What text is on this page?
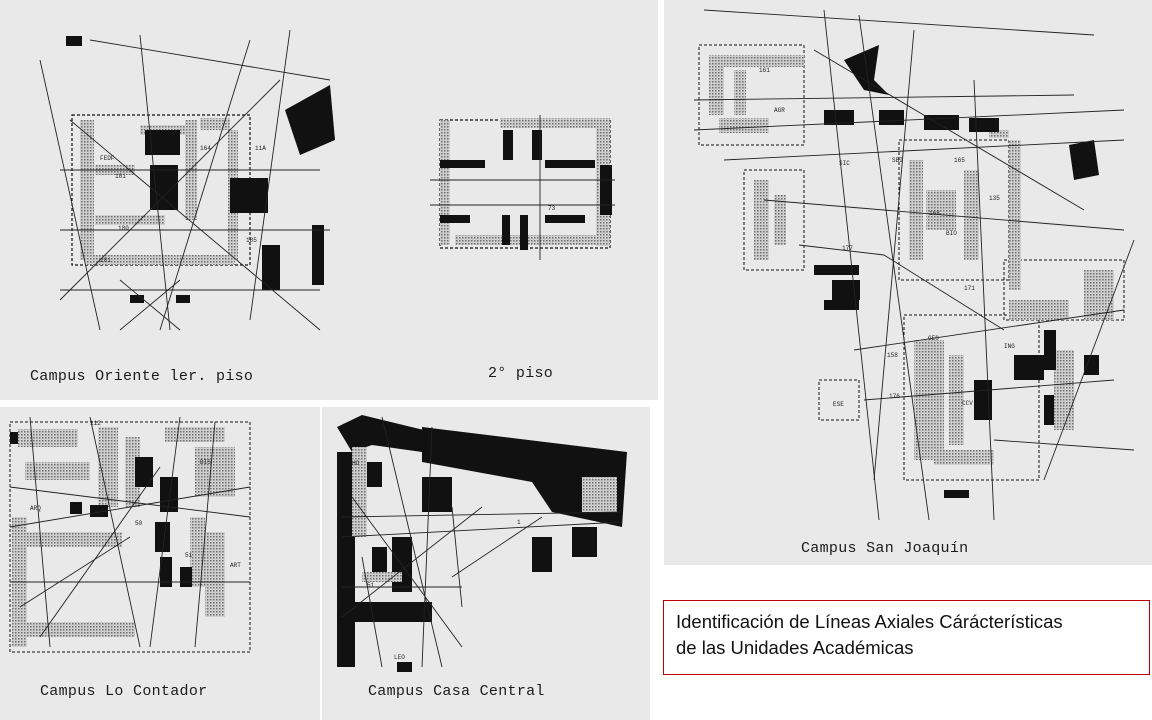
FEDF
181
164	11A
180
181
185
73
Campus Oriente ler. piso	2° piso
161
AGR
SIC	SBI	165
168
BIO
135
177
171
GEO
158
ING
CCV
176
ESE
Campus San Joaquín
112
DIS
ARQ
50
51
ART
Campus Lo Contador
HO
51
1
LEO
Campus Casa Central
Identificación de Líneas Axiales Cárácterísticas
de las Unidades Académicas
